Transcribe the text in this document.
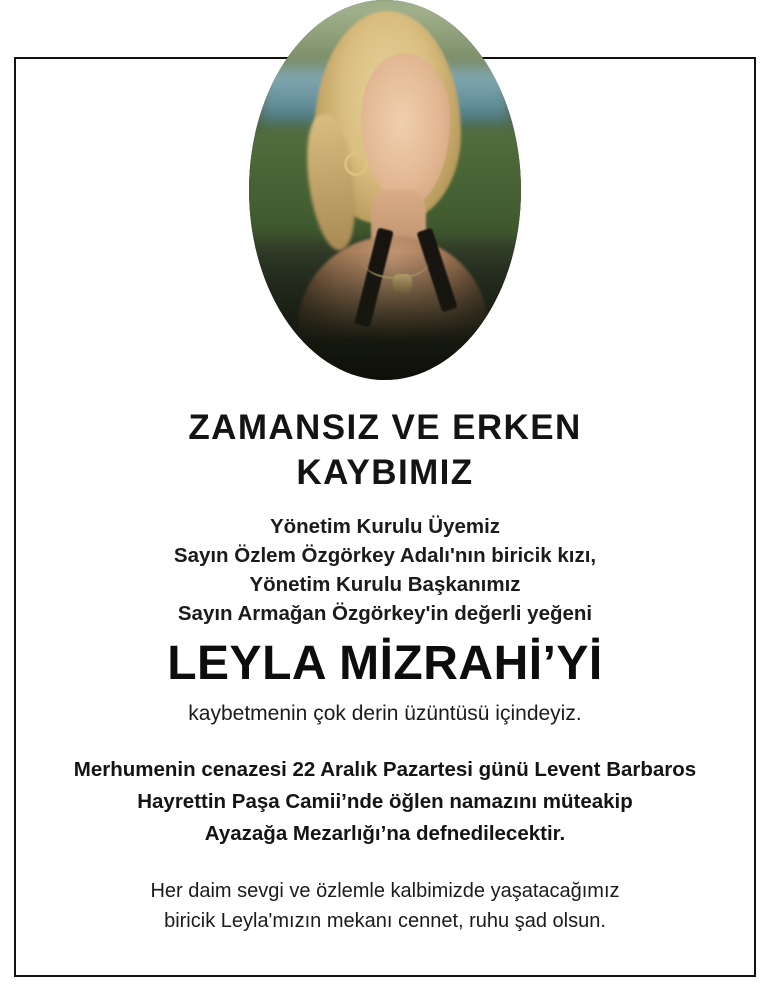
ZAMANSIZ VE ERKEN
KAYBIMIZ
Yönetim Kurulu Üyemiz
Sayın Özlem Özgörkey Adalı'nın biricik kızı,
Yönetim Kurulu Başkanımız
Sayın Armağan Özgörkey'in değerli yeğeni
LEYLA MİZRAHİ’Yİ
kaybetmenin çok derin üzüntüsü içindeyiz.
Merhumenin cenazesi 22 Aralık Pazartesi günü Levent Barbaros
Hayrettin Paşa Camii’nde öğlen namazını müteakip
Ayazağa Mezarlığı’na defnedilecektir.
Her daim sevgi ve özlemle kalbimizde yaşatacağımız
biricik Leyla'mızın mekanı cennet, ruhu şad olsun.
